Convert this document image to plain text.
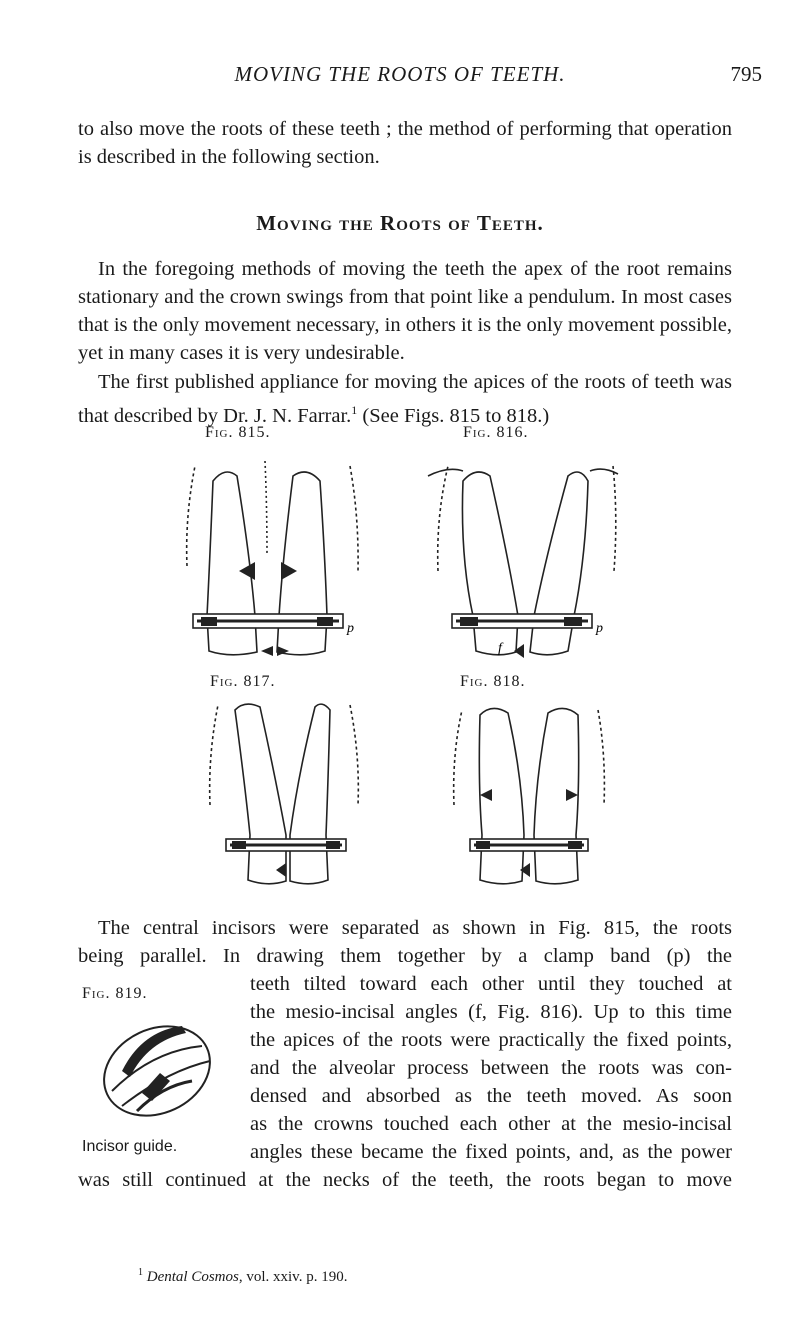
MOVING THE ROOTS OF TEETH.	795

to also move the roots of these teeth ; the method of performing that operation is described in the following section.

Moving the Roots of Teeth.

In the foregoing methods of moving the teeth the apex of the root remains stationary and the crown swings from that point like a pendulum. In most cases that is the only movement necessary, in others it is the only movement possible, yet in many cases it is very undesirable.

The first published appliance for moving the apices of the roots of teeth was that described by Dr. J. N. Farrar.$^1$ (See Figs. 815 to 818.)

Fig. 815.
p
Fig. 816.
p
f
Fig. 817.	Fig. 818.
The central incisors were separated as shown in Fig. 815, the roots
being parallel. In drawing them together by a clamp band (p) the
teeth tilted toward each other until they touched at
the mesio-incisal angles (f, Fig. 816). Up to this time
the apices of the roots were practically the fixed points,
and the alveolar process between the roots was con-
densed and absorbed as the teeth moved. As soon
as the crowns touched each other at the mesio-incisal
angles these became the fixed points, and, as the power
was still continued at the necks of the teeth, the roots began to move
Fig. 819.
Incisor guide.
$^1$ Dental Cosmos, vol. xxiv. p. 190.
